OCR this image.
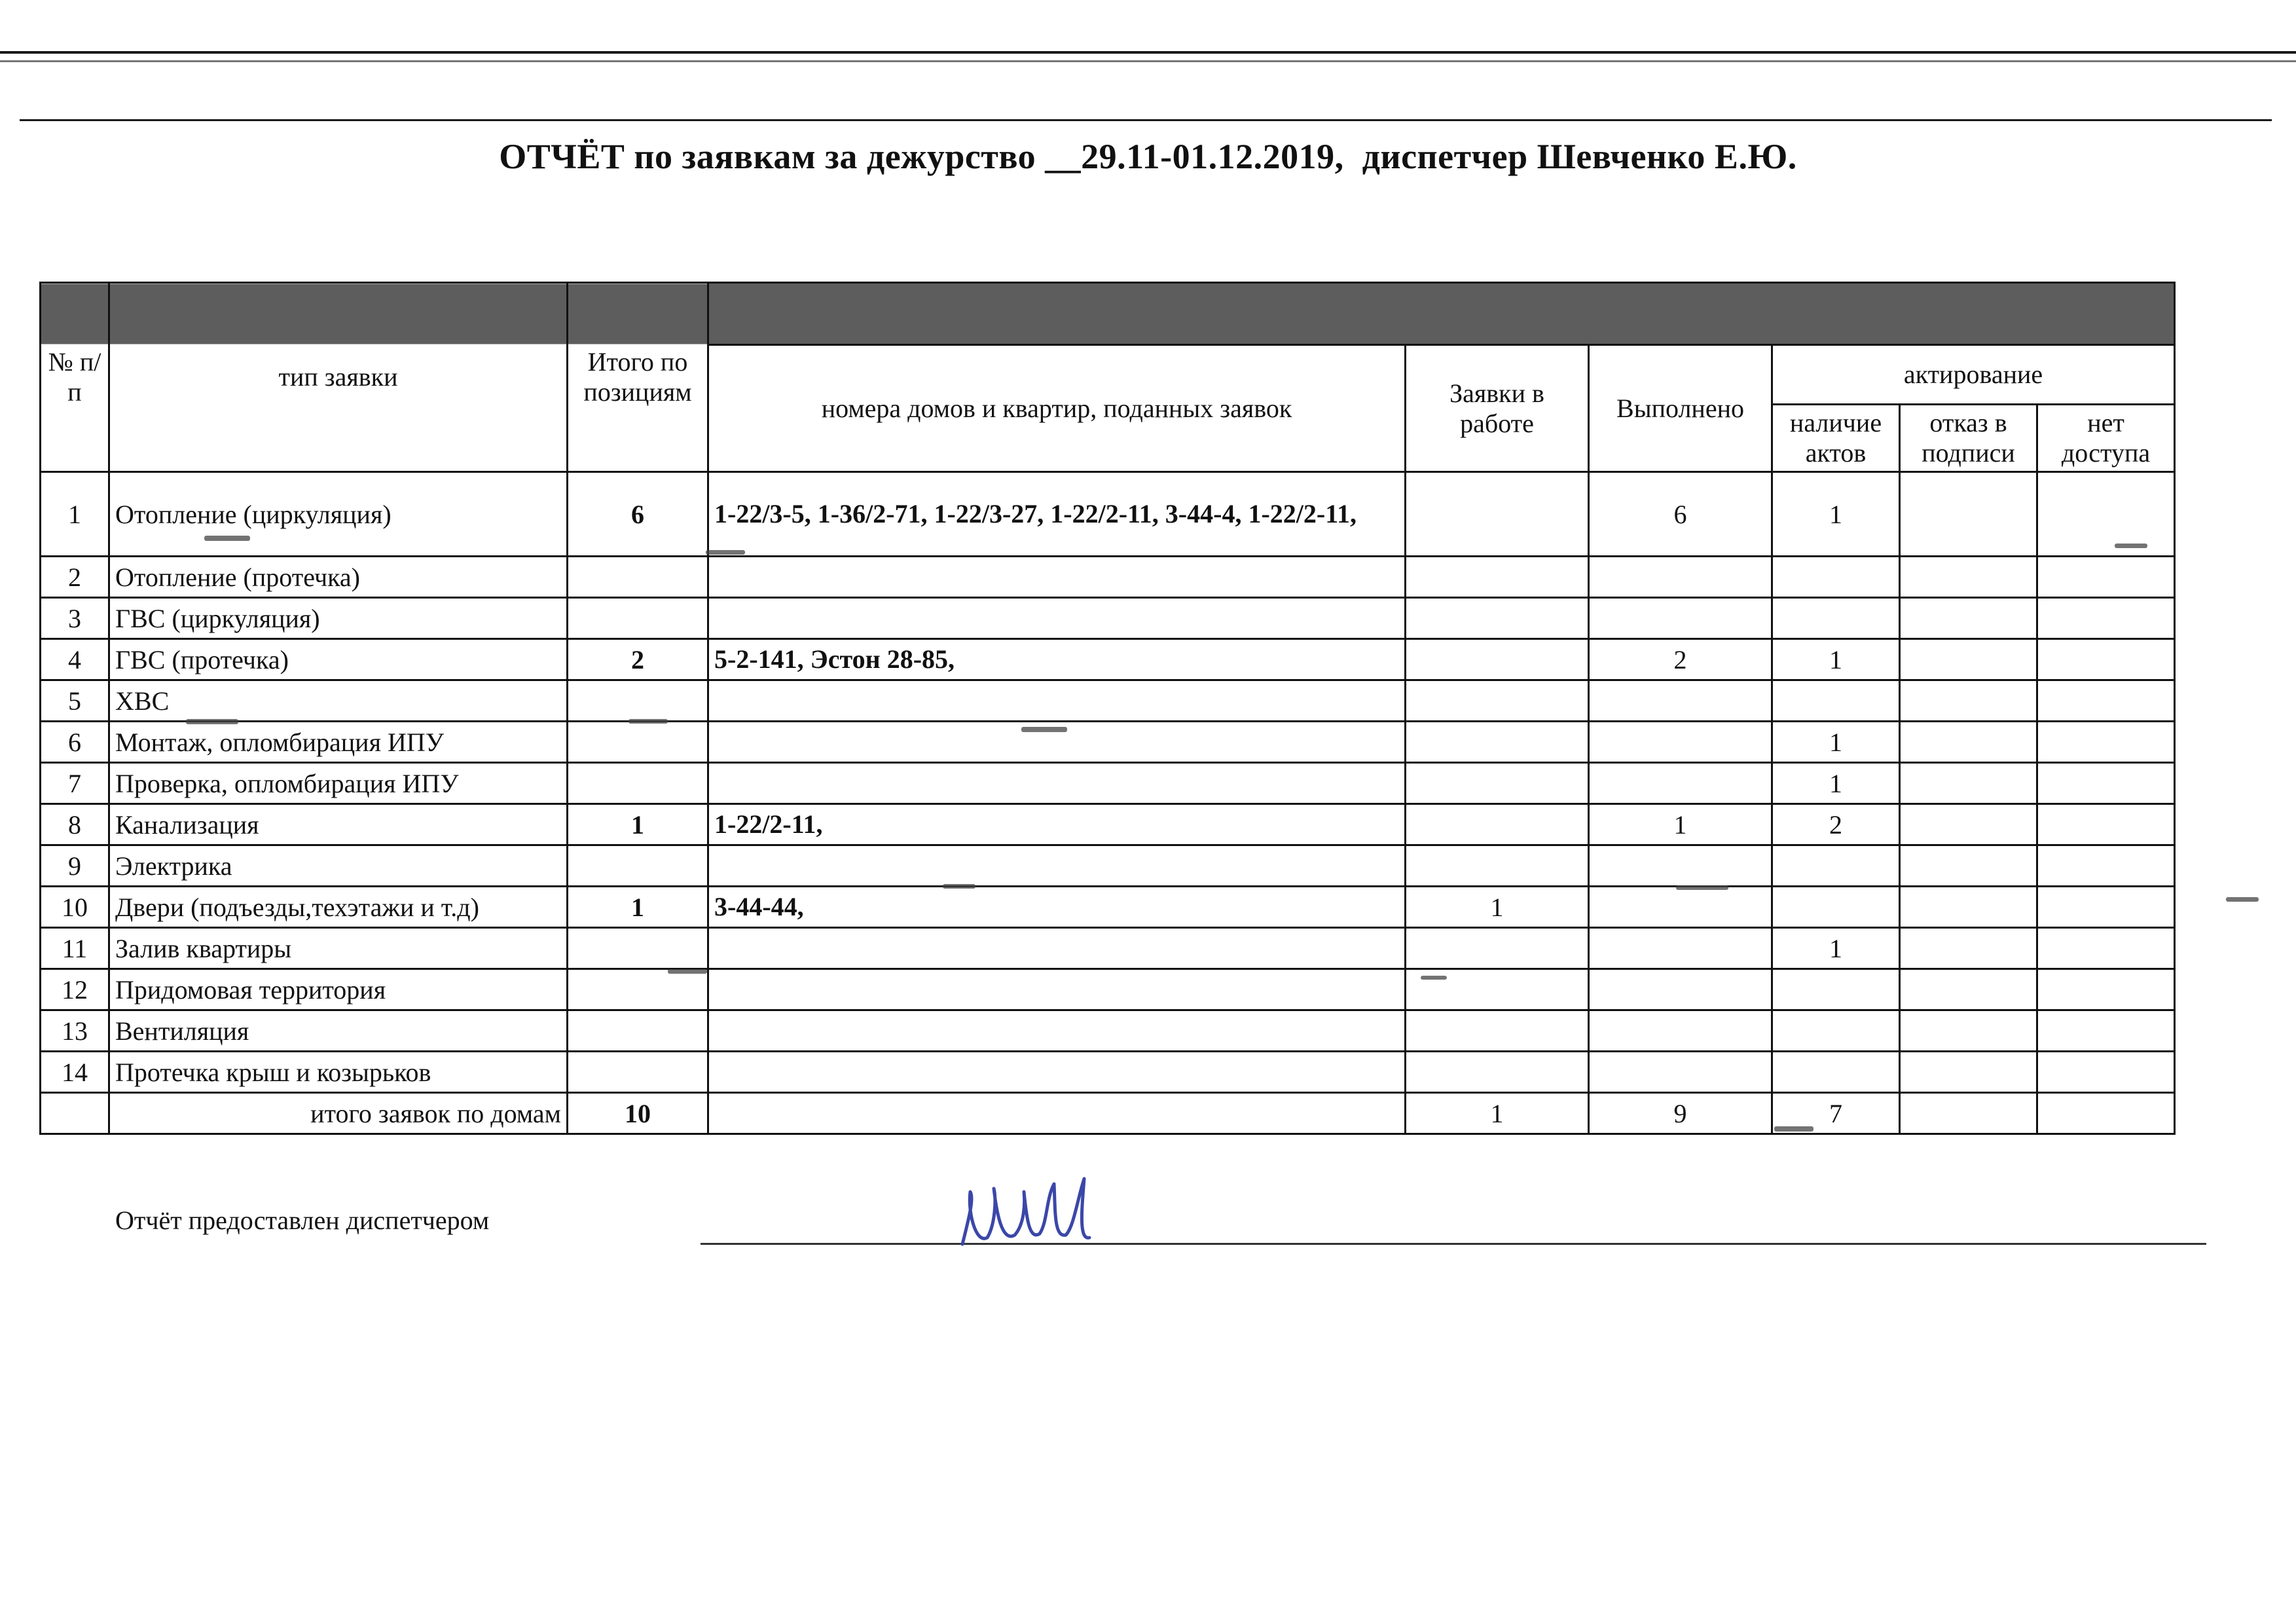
ОТЧЁТ по заявкам за дежурство __29.11-01.12.2019, диспетчер Шевченко Е.Ю.
№ п/п	тип заявки	Итого по позициям						
			номера домов и квартир, поданных заявок	Заявки в работе	Выполнено	актирование		
						наличие актов	отказ в подписи	нет доступа
1	Отопление (циркуляция)	6	1-22/3-5, 1-36/2-71, 1-22/3-27, 1-22/2-11, 3-44-4, 1-22/2-11,		6	1		
2	Отопление (протечка)							
3	ГВС (циркуляция)							
4	ГВС (протечка)	2	5-2-141, Эстон 28-85,		2	1		
5	ХВС							
6	Монтаж, опломбирация ИПУ					1		
7	Проверка, опломбирация ИПУ					1		
8	Канализация	1	1-22/2-11,		1	2		
9	Электрика							
10	Двери (подъезды,техэтажи и т.д)	1	3-44-44,	1				
11	Залив квартиры					1		
12	Придомовая территория							
13	Вентиляция							
14	Протечка крыш и козырьков							
	итого заявок по домам	10		1	9	7		
Отчёт предоставлен диспетчером
